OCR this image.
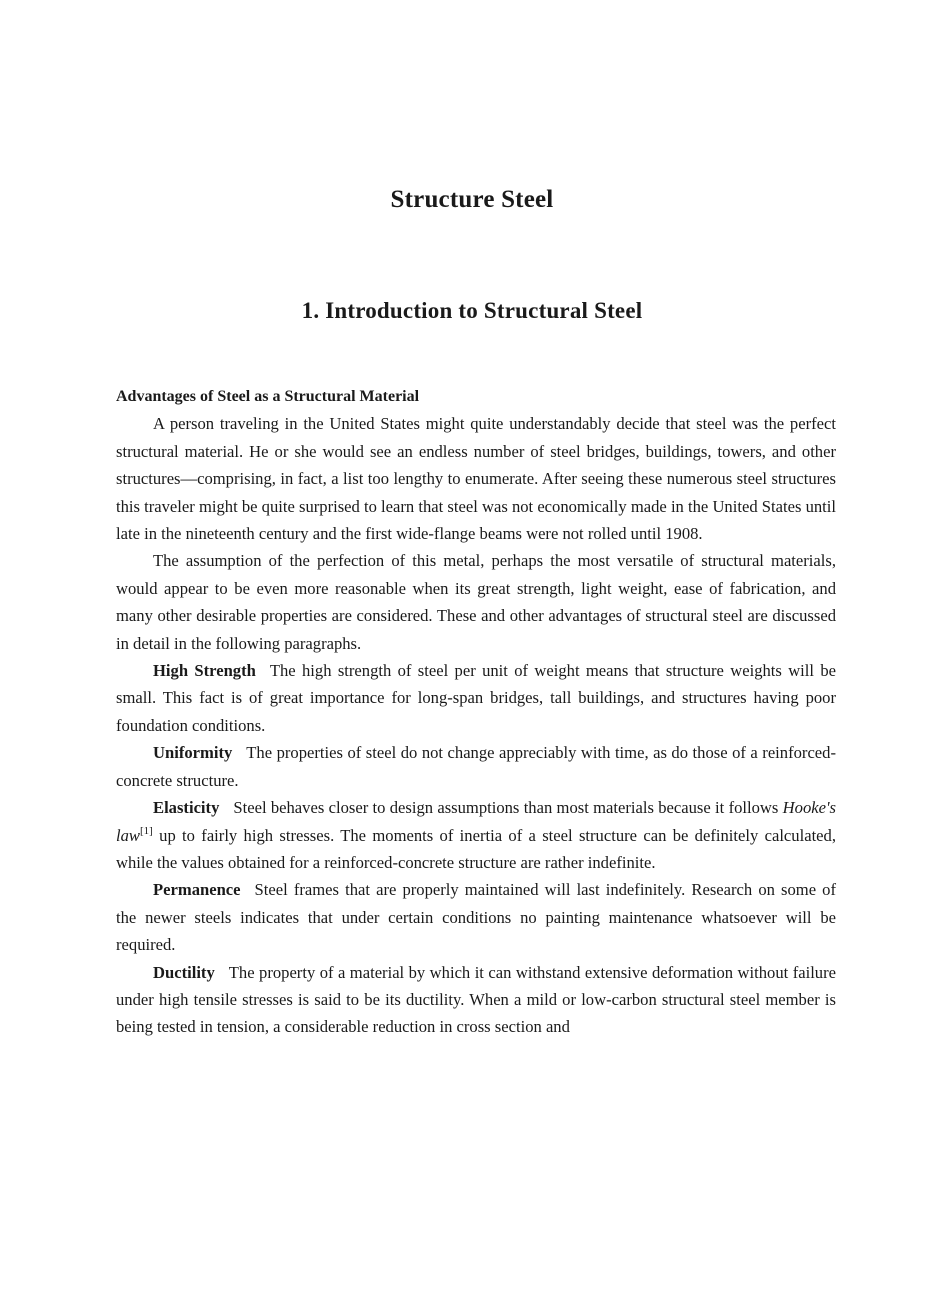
Structure Steel
1. Introduction to Structural Steel

Advantages of Steel as a Structural Material

A person traveling in the United States might quite understandably decide that steel was the perfect structural material. He or she would see an endless number of steel bridges, buildings, towers, and other structures—comprising, in fact, a list too lengthy to enumerate. After seeing these numerous steel structures this traveler might be quite surprised to learn that steel was not economically made in the United States until late in the nineteenth century and the first wide-flange beams were not rolled until 1908.

The assumption of the perfection of this metal, perhaps the most versatile of structural materials, would appear to be even more reasonable when its great strength, light weight, ease of fabrication, and many other desirable properties are considered. These and other advantages of structural steel are discussed in detail in the following paragraphs.

High Strength The high strength of steel per unit of weight means that structure weights will be small. This fact is of great importance for long-span bridges, tall buildings, and structures having poor foundation conditions.

Uniformity The properties of steel do not change appreciably with time, as do those of a reinforced-concrete structure.

Elasticity Steel behaves closer to design assumptions than most materials because it follows Hooke's law[1] up to fairly high stresses. The moments of inertia of a steel structure can be definitely calculated, while the values obtained for a reinforced-concrete structure are rather indefinite.

Permanence Steel frames that are properly maintained will last indefinitely. Research on some of the newer steels indicates that under certain conditions no painting maintenance whatsoever will be required.

Ductility The property of a material by which it can withstand extensive deformation without failure under high tensile stresses is said to be its ductility. When a mild or low-carbon structural steel member is being tested in tension, a considerable reduction in cross section and
